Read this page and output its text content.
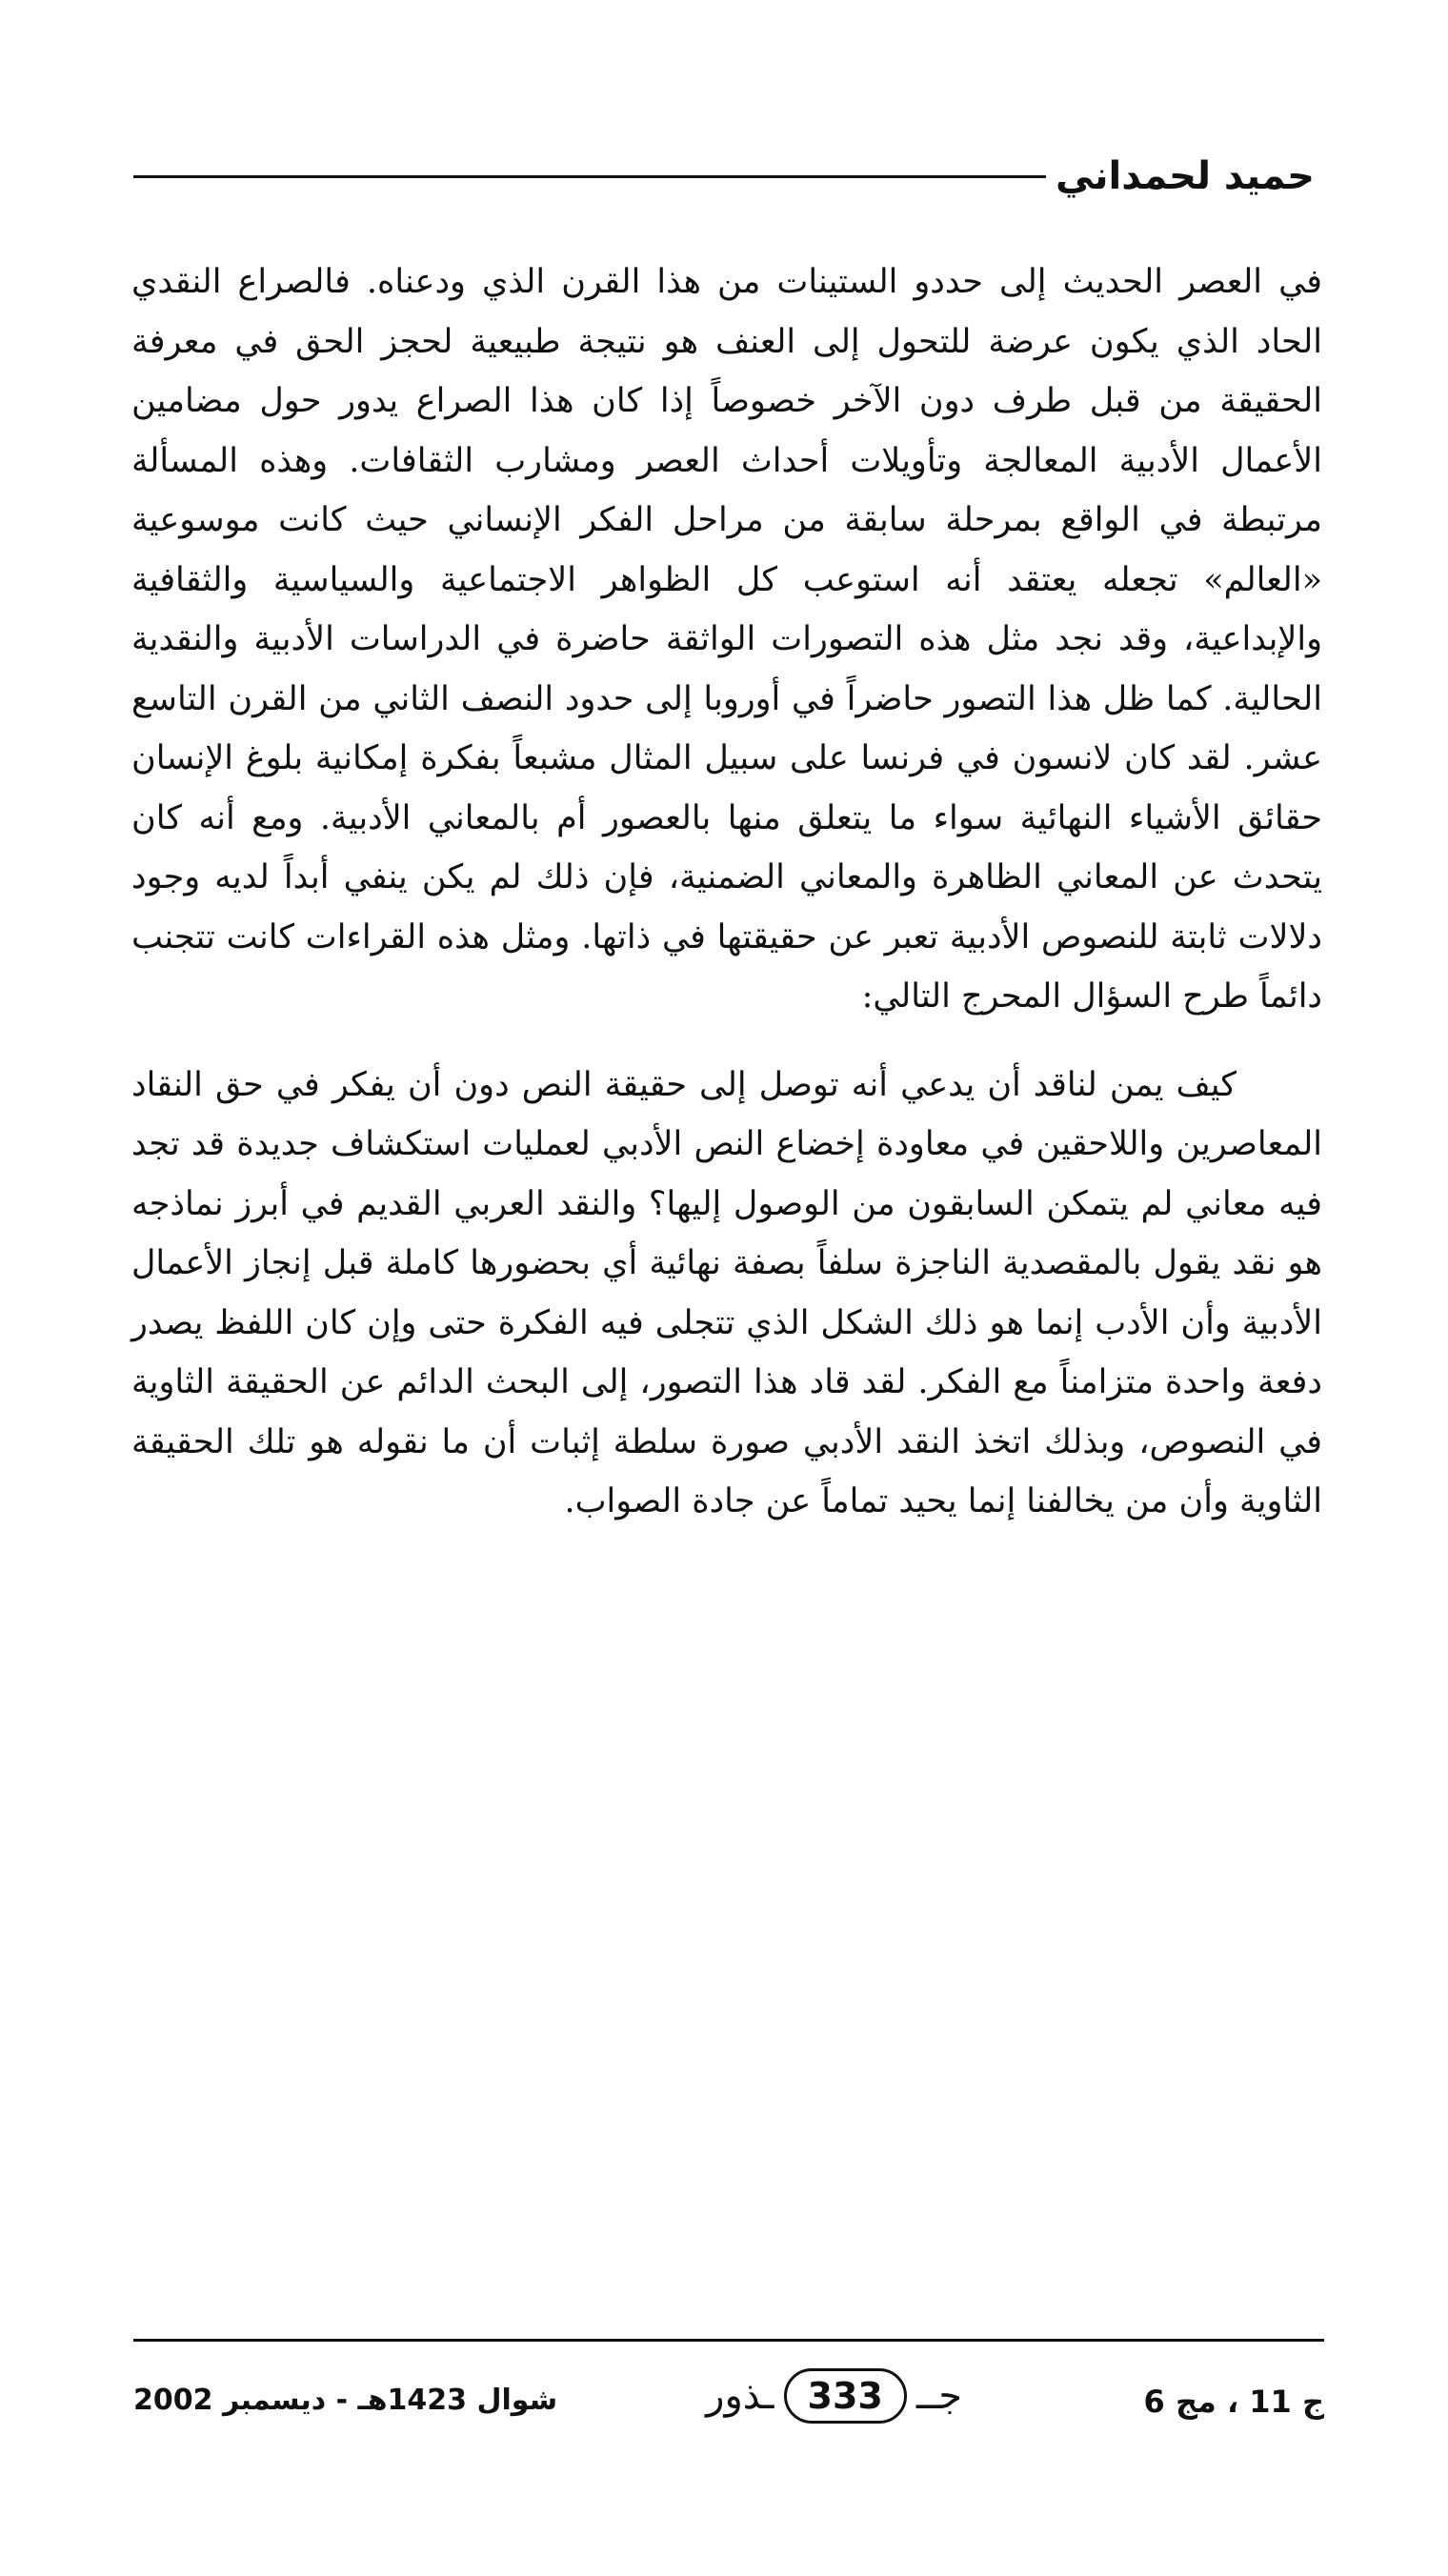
حميد لحمداني

في العصر الحديث إلى حددو الستينات من هذا القرن الذي ودعناه. فالصراع النقدي الحاد الذي يكون عرضة للتحول إلى العنف هو نتيجة طبيعية لحجز الحق في معرفة الحقيقة من قبل طرف دون الآخر خصوصاً إذا كان هذا الصراع يدور حول مضامين الأعمال الأدبية المعالجة وتأويلات أحداث العصر ومشارب الثقافات. وهذه المسألة مرتبطة في الواقع بمرحلة سابقة من مراحل الفكر الإنساني حيث كانت موسوعية «العالم» تجعله يعتقد أنه استوعب كل الظواهر الاجتماعية والسياسية والثقافية والإبداعية، وقد نجد مثل هذه التصورات الواثقة حاضرة في الدراسات الأدبية والنقدية الحالية. كما ظل هذا التصور حاضراً في أوروبا إلى حدود النصف الثاني من القرن التاسع عشر. لقد كان لانسون في فرنسا على سبيل المثال مشبعاً بفكرة إمكانية بلوغ الإنسان حقائق الأشياء النهائية سواء ما يتعلق منها بالعصور أم بالمعاني الأدبية. ومع أنه كان يتحدث عن المعاني الظاهرة والمعاني الضمنية، فإن ذلك لم يكن ينفي أبداً لديه وجود دلالات ثابتة للنصوص الأدبية تعبر عن حقيقتها في ذاتها. ومثل هذه القراءات كانت تتجنب دائماً طرح السؤال المحرج التالي:

كيف يمن لناقد أن يدعي أنه توصل إلى حقيقة النص دون أن يفكر في حق النقاد المعاصرين واللاحقين في معاودة إخضاع النص الأدبي لعمليات استكشاف جديدة قد تجد فيه معاني لم يتمكن السابقون من الوصول إليها؟ والنقد العربي القديم في أبرز نماذجه هو نقد يقول بالمقصدية الناجزة سلفاً بصفة نهائية أي بحضورها كاملة قبل إنجاز الأعمال الأدبية وأن الأدب إنما هو ذلك الشكل الذي تتجلى فيه الفكرة حتى وإن كان اللفظ يصدر دفعة واحدة متزامناً مع الفكر. لقد قاد هذا التصور، إلى البحث الدائم عن الحقيقة الثاوية في النصوص، وبذلك اتخذ النقد الأدبي صورة سلطة إثبات أن ما نقوله هو تلك الحقيقة الثاوية وأن من يخالفنا إنما يحيد تماماً عن جادة الصواب.

ج 11 ، مج 6
جــ
333
ـذور
شوال 1423هـ - ديسمبر 2002
